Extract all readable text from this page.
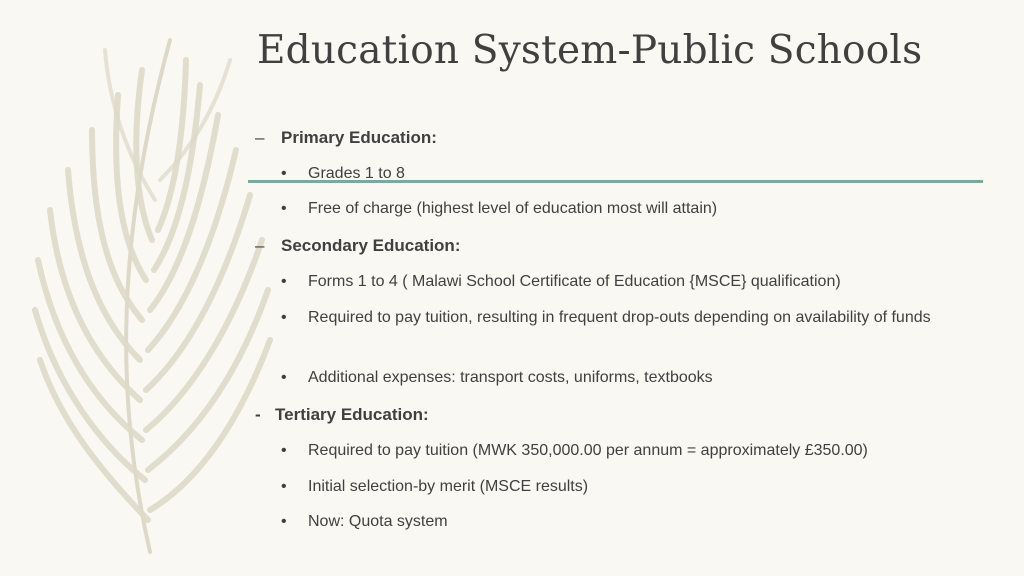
Education System-Public Schools
– Primary Education:
• Grades 1 to 8
• Free of charge (highest level of education most will attain)
– Secondary Education:
• Forms 1 to 4 ( Malawi School Certificate of Education {MSCE} qualification)
• Required to pay tuition, resulting in frequent drop-outs depending on availability of funds
• Additional expenses: transport costs, uniforms, textbooks
- Tertiary Education:
• Required to pay tuition (MWK 350,000.00 per annum = approximately £350.00)
• Initial selection-by merit (MSCE results)
• Now: Quota system
